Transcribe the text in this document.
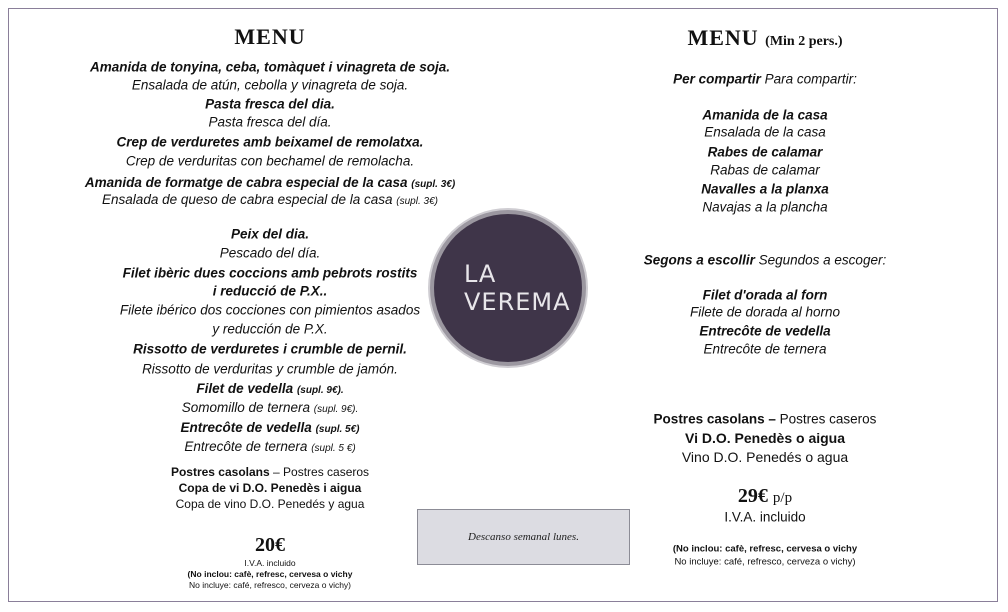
MENU
Amanida de tonyina, ceba, tomàquet i vinagreta de soja.
Ensalada de atún, cebolla y vinagreta de soja.
Pasta fresca del dia.
Pasta fresca del día.
Crep de verduretes amb beixamel de remolatxa.
Crep de verduritas con bechamel de remolacha.
Amanida de formatge de cabra especial de la casa (supl. 3€)
Ensalada de queso de cabra especial de la casa (supl. 3€)
Peix del dia.
Pescado del día.
Filet ibèric dues coccions amb pebrots rostits
i reducció de P.X..
Filete ibérico dos cocciones con pimientos asados
y reducción de P.X.
Rissotto de verduretes i crumble de pernil.
Rissotto de verduritas y crumble de jamón.
Filet de vedella (supl. 9€).
Somomillo de ternera (supl. 9€).
Entrecôte de vedella (supl. 5€)
Entrecôte de ternera (supl. 5 €)
Postres casolans – Postres caseros
Copa de vi D.O. Penedès i aigua
Copa de vino D.O. Penedés y agua
20€
I.V.A. incluido
(No inclou: cafè, refresc, cervesa o vichy
No incluye: café, refresco, cerveza o vichy)
LA
VEREMA
Descanso semanal lunes.
MENU (Min 2 pers.)
Per compartir Para compartir:
Amanida de la casa
Ensalada de la casa
Rabes de calamar
Rabas de calamar
Navalles a la planxa
Navajas a la plancha
Segons a escollir Segundos a escoger:
Filet d'orada al forn
Filete de dorada al horno
Entrecôte de vedella
Entrecôte de ternera
Postres casolans – Postres caseros
Vi D.O. Penedès o aigua
Vino D.O. Penedés o agua
29€ p/p
I.V.A. incluido
(No inclou: cafè, refresc, cervesa o vichy
No incluye: café, refresco, cerveza o vichy)
